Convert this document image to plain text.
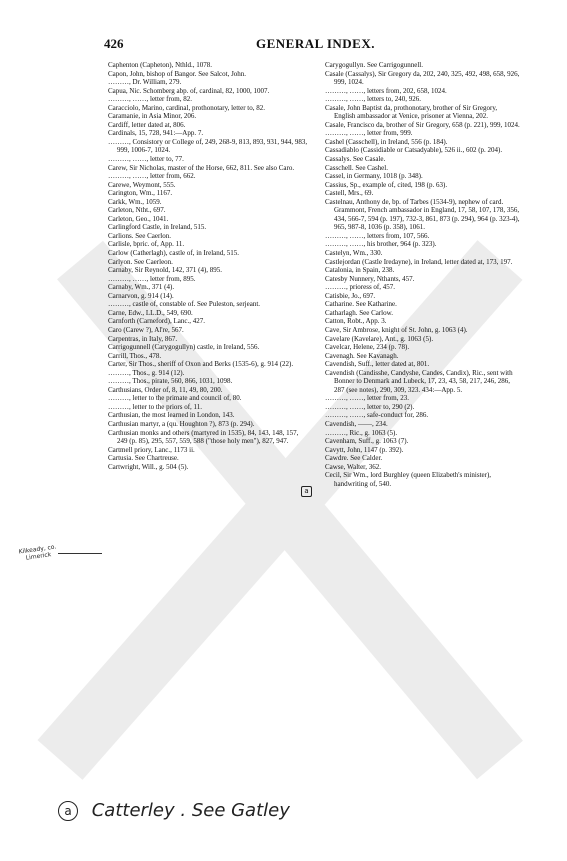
426	GENERAL INDEX.

Caphenton (Capheton), Nthld., 1078.

Capon, John, bishop of Bangor. See Salcot, John.

………, Dr. William, 279.

Capua, Nic. Schomberg abp. of, cardinal, 82, 1000, 1007.

………, ……, letter from, 82.

Caracciolo, Marino, cardinal, prothonotary, letter to, 82.

Caramanie, in Asia Minor, 206.

Cardiff, letter dated at, 806.

Cardinals, 15, 728, 941:—App. 7.

………, Consistory or College of, 249, 268-9, 813, 893, 931, 944, 983, 999, 1006-7, 1024.

………, ……, letter to, 77.

Carew, Sir Nicholas, master of the Horse, 662, 811. See also Caro.

………, ……, letter from, 662.

Carewe, Weymont, 555.

Carington, Wm., 1167.

Carkk, Wm., 1059.

Carleton, Ntht., 697.

Carleton, Geo., 1041.

Carlingford Castle, in Ireland, 515.

Carlions. See Caerlon.

Carlisle, bpric. of, App. 11.

Carlow (Catherlagh), castle of, in Ireland, 515.

Carlyon. See Caerleon.

Carnaby, Sir Reynold, 142, 371 (4), 895.

………, ……, letter from, 895.

Carnaby, Wm., 371 (4).

Carnarvon, g. 914 (14).

………, castle of, constable of. See Puleston, serjeant.

Carne, Edw., LL.D., 549, 690.

Carnforth (Carneford), Lanc., 427.

Caro (Carew ?), Al're, 567.

Carpentras, in Italy, 867.

Carrigogunnell (Carygogullyn) castle, in Ireland, 556.

Carrill, Thos., 478.

Carter, Sir Thos., sheriff of Oxon and Berks (1535-6), g. 914 (22).

………, Thos., g. 914 (12).

………, Thos., pirate, 560, 866, 1031, 1098.

Carthusians, Order of, 8, 11, 49, 80, 200.

………, letter to the primate and council of, 80.

………, letter to the priors of, 11.

Carthusian, the most learned in London, 143.

Carthusian martyr, a (qu. Houghton ?), 873 (p. 294).

Carthusian monks and others (martyred in 1535), 84, 143, 148, 157, 249 (p. 85), 295, 557, 559, 588 ("those holy men"), 827, 947.

Cartmell priory, Lanc., 1173 ii.

Cartusia. See Chartreuse.

Cartwright, Will., g. 504 (5).

Carygogullyn. See Carrigogunnell.

Casale (Cassalys), Sir Gregory da, 202, 240, 325, 492, 498, 658, 926, 999, 1024.

………, ……, letters from, 202, 658, 1024.

………, ……, letters to, 240, 926.

Casale, John Baptist da, prothonotary, brother of Sir Gregory, English ambassador at Venice, prisoner at Vienna, 202.

Casale, Francisco da, brother of Sir Gregory, 658 (p. 221), 999, 1024.

………, ……, letter from, 999.

Cashel (Casschell), in Ireland, 556 (p. 184).

Cassadiablo (Cassidiable or Catsadyable), 526 ii., 602 (p. 204).

Cassalys. See Casale.

Casschell. See Cashel.

Cassel, in Germany, 1018 (p. 348).

Cassius, Sp., example of, cited, 198 (p. 63).

Castell, Mrs., 69.

Castelnau, Anthony de, bp. of Tarbes (1534-9), nephew of card. Grammont, French ambassador in England, 17, 58, 107, 178, 356, 434, 566-7, 594 (p. 197), 732-3, 861, 873 (p. 294), 964 (p. 323-4), 965, 987-8, 1036 (p. 358), 1061.

………, ……, letters from, 107, 566.

………, ……, his brother, 964 (p. 323).

Castelyn, Wm., 330.

Castlejordan (Castle Iredayne), in Ireland, letter dated at, 173, 197.

Catalonia, in Spain, 238.

Catesby Nunnery, Nthants, 457.

………, prioress of, 457.

Catisbie, Jo., 697.

Catharine. See Katharine.

Catharlagh. See Carlow.

Catton, Robt., App. 3.

Cave, Sir Ambrose, knight of St. John, g. 1063 (4).

Cavelare (Kavelare), Ant., g. 1063 (5).

Cavelcar, Helene, 234 (p. 78).

Cavenagh. See Kavanagh.

Cavendish, Suff., letter dated at, 801.

Cavendish (Candisshe, Candyshe, Candes, Candix), Ric., sent with Bonner to Denmark and Lubeck, 17, 23, 43, 58, 217, 246, 286, 287 (see notes), 290, 309, 323. 434:—App. 5.

………, ……, letter from, 23.

………, ……, letter to, 290 (2).

………, ……, safe-conduct for, 286.

Cavendish, ——, 234.

………, Ric., g. 1063 (5).

Cavenham, Suff., g. 1063 (7).

Cavytt, John, 1147 (p. 392).

Cawdre. See Calder.

Cawse, Walter, 362.

Cecil, Sir Wm., lord Burghley (queen Elizabeth's minister), handwriting of, 540.

Kilkeady, co. Limerick
a
a Catterley . See Gatley
